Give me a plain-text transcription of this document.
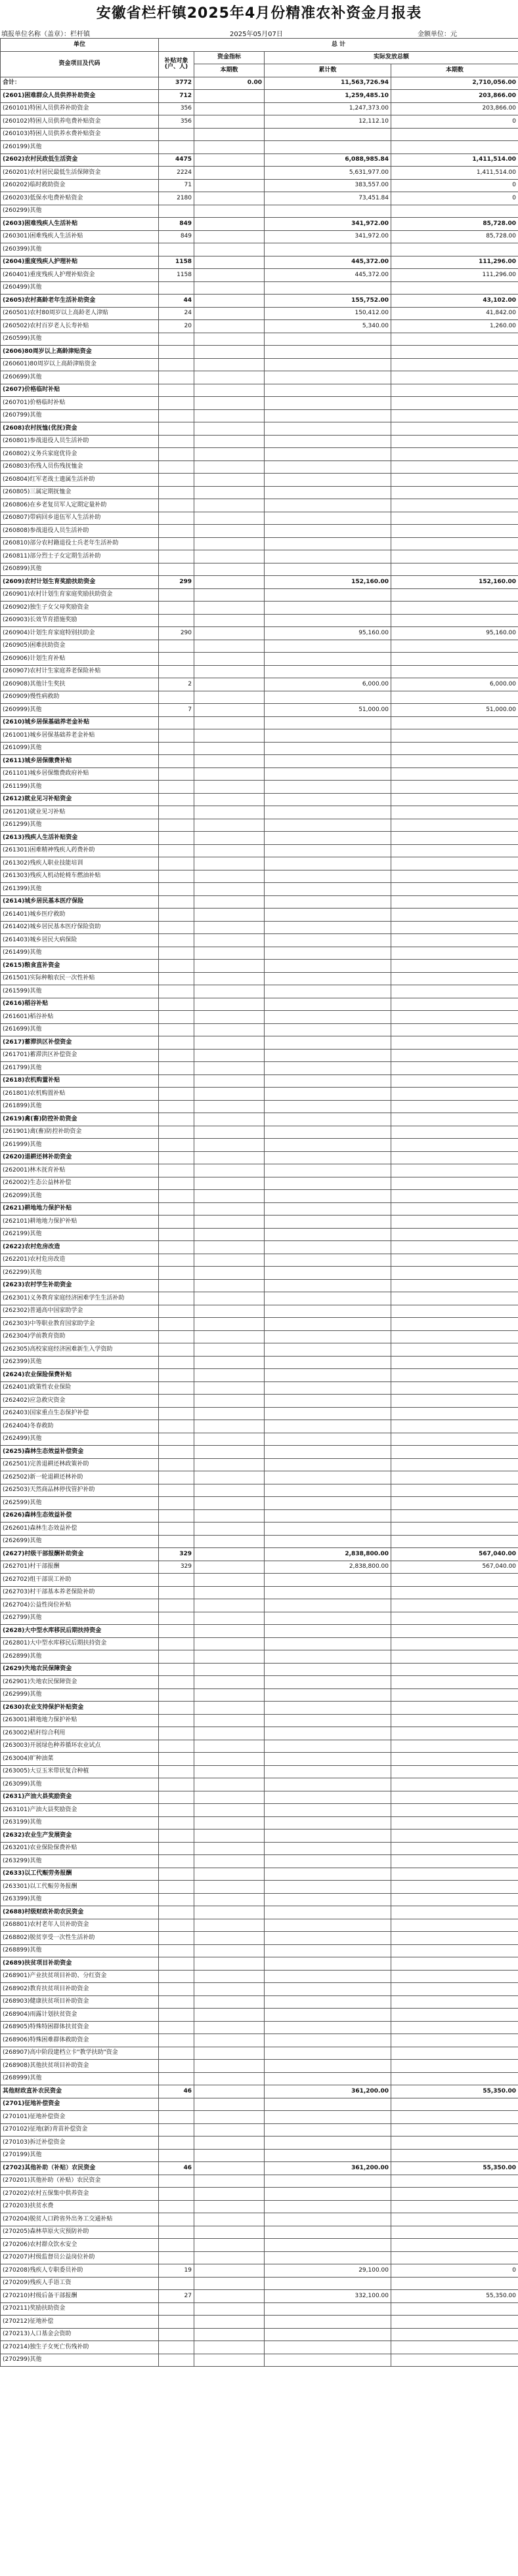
安徽省栏杆镇2025年4月份精准农补资金月报表
填报单位名称（盖章）：栏杆镇	2025年05月07日	金额单位：元
单位	总 计			
资金项目及代码	补贴对象(户、人)	资金指标	实际发放总额	
		本期数	累计数	本期数
合计：	3772	0.00	11,563,726.94	2,710,056.00
(2601)困难群众人员供养补助资金	712		1,259,485.10	203,866.00
(260101)特困人员供养补助资金	356		1,247,373.00	203,866.00
(260102)特困人员供养电费补贴资金	356		12,112.10	0
(260103)特困人员供养水费补贴资金				
(260199)其他				
(2602)农村民政低生活资金	4475		6,088,985.84	1,411,514.00
(260201)农村居民最低生活保障资金	2224		5,631,977.00	1,411,514.00
(260202)临时救助资金	71		383,557.00	0
(260203)低保水电费补贴资金	2180		73,451.84	0
(260299)其他				
(2603)困难残疾人生活补贴	849		341,972.00	85,728.00
(260301)困难残疾人生活补贴	849		341,972.00	85,728.00
(260399)其他				
(2604)重度残疾人护理补贴	1158		445,372.00	111,296.00
(260401)重度残疾人护理补贴资金	1158		445,372.00	111,296.00
(260499)其他				
(2605)农村高龄老年生活补助资金	44		155,752.00	43,102.00
(260501)农村80周岁以上高龄老人津贴	24		150,412.00	41,842.00
(260502)农村百岁老人长寿补贴	20		5,340.00	1,260.00
(260599)其他				
(2606)80周岁以上高龄津贴资金				
(260601)80周岁以上高龄津贴资金				
(260699)其他				
(2607)价格临时补贴				
(260701)价格临时补贴				
(260799)其他				
(2608)农村抚恤(优抚)资金				
(260801)参战退役人员生活补助				
(260802)义务兵家庭优待金				
(260803)伤残人员伤残抚恤金				
(260804)红军老战士遗属生活补助				
(260805)三属定期抚恤金				
(260806)在乡老复员军人定期定量补助				
(260807)带病回乡退伍军人生活补助				
(260808)参战退役人员生活补助				
(260810)部分农村籍退役士兵老年生活补助				
(260811)部分烈士子女定期生活补助				
(260899)其他				
(2609)农村计划生育奖励扶助资金	299		152,160.00	152,160.00
(260901)农村计划生育家庭奖励扶助资金				
(260902)独生子女父母奖励资金				
(260903)长效节育措施奖励				
(260904)计划生育家庭特别扶助金	290		95,160.00	95,160.00
(260905)困难扶助资金				
(260906)计划生育补贴				
(260907)农村计生家庭养老保险补贴				
(260908)其他计生奖扶	2		6,000.00	6,000.00
(260909)慢性病救助				
(260999)其他	7		51,000.00	51,000.00
(2610)城乡居保基础养老金补贴				
(261001)城乡居保基础养老金补贴				
(261099)其他				
(2611)城乡居保缴费补贴				
(261101)城乡居保缴费政府补贴				
(261199)其他				
(2612)就业见习补贴资金				
(261201)就业见习补贴				
(261299)其他				
(2613)残疾人生活补贴资金				
(261301)困难精神残疾人药费补助				
(261302)残疾人职业技能培训				
(261303)残疾人机动轮椅车燃油补贴				
(261399)其他				
(2614)城乡居民基本医疗保险				
(261401)城乡医疗救助				
(261402)城乡居民基本医疗保险资助				
(261403)城乡居民大病保险				
(261499)其他				
(2615)粮食直补资金				
(261501)实际种粮农民一次性补贴				
(261599)其他				
(2616)稻谷补贴				
(261601)稻谷补贴				
(261699)其他				
(2617)蓄滞洪区补偿资金				
(261701)蓄滞洪区补偿资金				
(261799)其他				
(2618)农机购置补贴				
(261801)农机购置补贴				
(261899)其他				
(2619)禽(畜)防控补助资金				
(261901)禽(畜)防控补助资金				
(261999)其他				
(2620)退耕还林补助资金				
(262001)林木抚育补贴				
(262002)生态公益林补偿				
(262099)其他				
(2621)耕地地力保护补贴				
(262101)耕地地力保护补贴				
(262199)其他				
(2622)农村危房改造				
(262201)农村危房改造				
(262299)其他				
(2623)农村学生补助资金				
(262301)义务教育家庭经济困难学生生活补助				
(262302)普通高中国家助学金				
(262303)中等职业教育国家助学金				
(262304)学前教育资助				
(262305)高校家庭经济困难新生入学资助				
(262399)其他				
(2624)农业保险保费补贴				
(262401)政策性农业保险				
(262402)应急救灾资金				
(262403)国家重点生态保护补偿				
(262404)冬春救助				
(262499)其他				
(2625)森林生态效益补偿资金				
(262501)完善退耕还林政策补助				
(262502)新一轮退耕还林补助				
(262503)天然商品林停伐管护补助				
(262599)其他				
(2626)森林生态效益补偿				
(262601)森林生态效益补偿				
(262699)其他				
(2627)村级干部报酬补助资金	329		2,838,800.00	567,040.00
(262701)村干部报酬	329		2,838,800.00	567,040.00
(262702)组干部误工补助				
(262703)村干部基本养老保险补助				
(262704)公益性岗位补贴				
(262799)其他				
(2628)大中型水库移民后期扶持资金				
(262801)大中型水库移民后期扶持资金				
(262899)其他				
(2629)失地农民保障资金				
(262901)失地农民保障资金				
(262999)其他				
(2630)农业支持保护补贴资金				
(263001)耕地地力保护补贴				
(263002)秸秆综合利用				
(263003)开展绿色种养循环农业试点				
(263004)旷种油菜				
(263005)大豆玉米带状复合种植				
(263099)其他				
(2631)产油大县奖励资金				
(263101)产油大县奖励资金				
(263199)其他				
(2632)农业生产发展资金				
(263201)农业保险保费补贴				
(263299)其他				
(2633)以工代赈劳务报酬				
(263301)以工代赈劳务报酬				
(263399)其他				
(2688)村级财政补助农民资金				
(268801)农村老年人员补助资金				
(268802)脱贫享受一次性生活补助				
(268899)其他				
(2689)扶贫项目补助资金				
(268901)产业扶贫项目补助、分红资金				
(268902)教育扶贫项目补助资金				
(268903)健康扶贫项目补助资金				
(268904)雨露计划扶贫资金				
(268905)特殊特困群体扶贫资金				
(268906)特殊困难群体救助资金				
(268907)高中阶段建档立卡"教学扶助"资金				
(268908)其他扶贫项目补助资金				
(268999)其他				
其他财政直补农民资金	46		361,200.00	55,350.00
(2701)征地补偿资金				
(270101)征地补偿资金				
(270102)征地(新)青苗补偿资金				
(270103)拆迁补偿资金				
(270199)其他				
(2702)其他补助（补贴）农民资金	46		361,200.00	55,350.00
(270201)其他补助（补贴）农民资金				
(270202)农村五保集中供养资金				
(270203)扶贫水费				
(270204)脱贫人口跨省外出务工交通补贴				
(270205)森林草原火灾预防补助				
(270206)农村群众饮水安全				
(270207)村级监督员公益岗位补助				
(270208)残疾人专职委员补助	19		29,100.00	0
(270209)残疾人手语工资				
(270210)村级后备干部报酬	27		332,100.00	55,350.00
(270211)奖励扶助资金				
(270212)征地补偿				
(270213)人口基金会资助				
(270214)独生子女死亡伤残补助				
(270299)其他				
